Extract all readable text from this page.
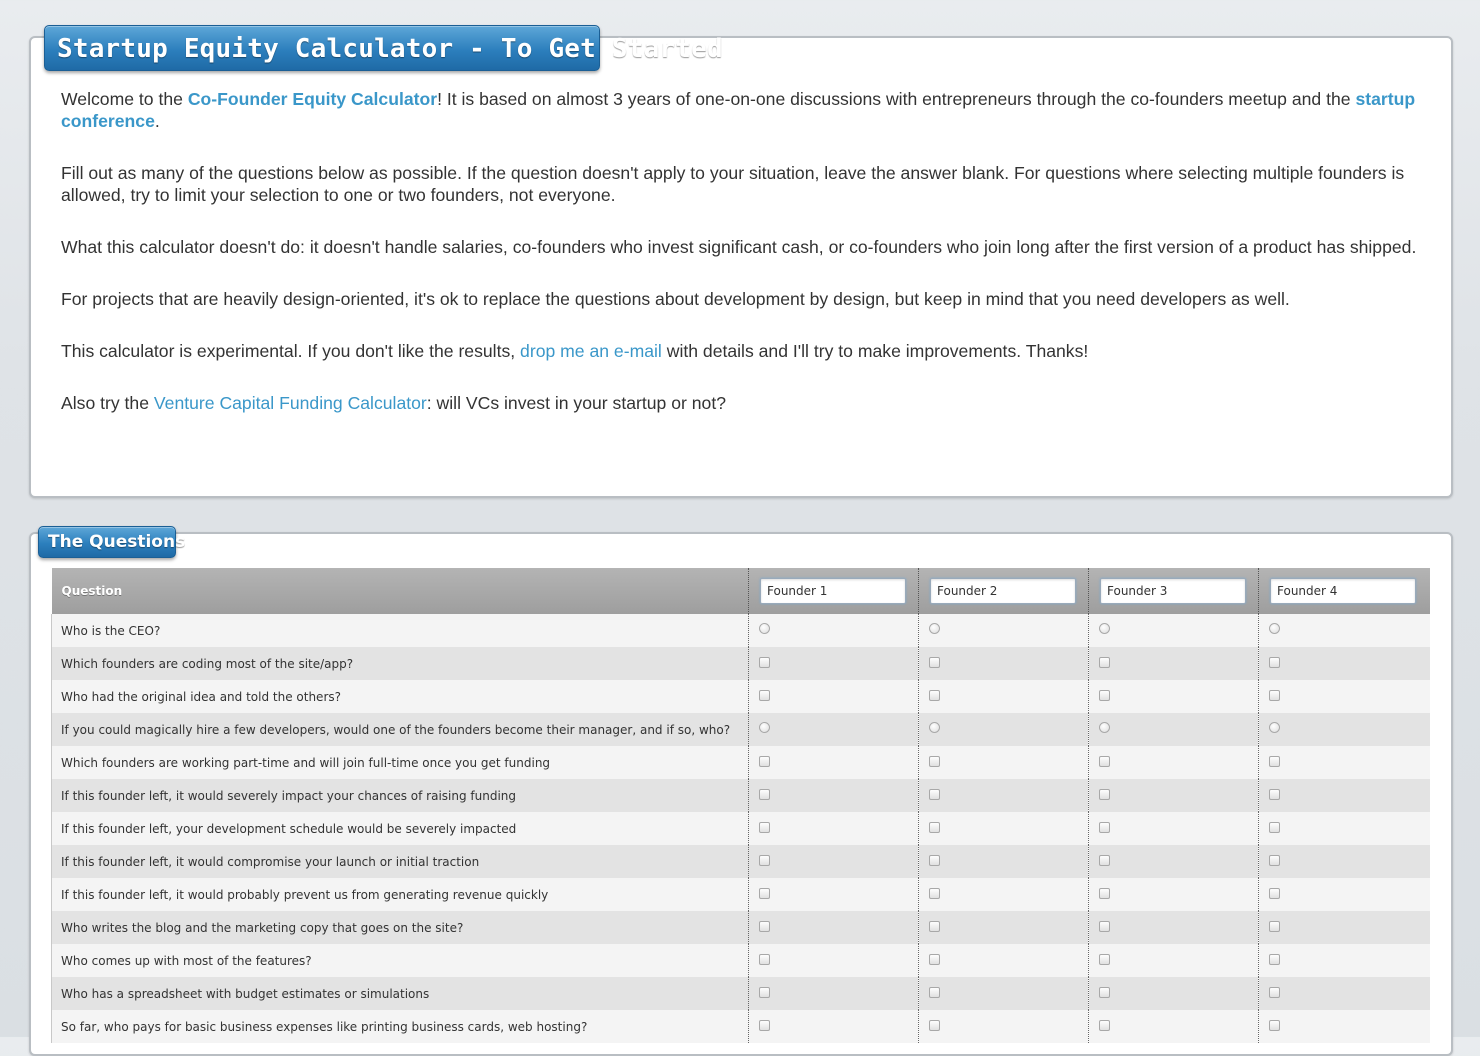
Welcome to the Co-Founder Equity Calculator! It is based on almost 3 years of one-on-one discussions with entrepreneurs through the co-founders meetup and the startup conference.

Fill out as many of the questions below as possible. If the question doesn't apply to your situation, leave the answer blank. For questions where selecting multiple founders is allowed, try to limit your selection to one or two founders, not everyone.

What this calculator doesn't do: it doesn't handle salaries, co-founders who invest significant cash, or co-founders who join long after the first version of a product has shipped.

For projects that are heavily design-oriented, it's ok to replace the questions about development by design, but keep in mind that you need developers as well.

This calculator is experimental. If you don't like the results, drop me an e-mail with details and I'll try to make improvements. Thanks!

Also try the Venture Capital Funding Calculator: will VCs invest in your startup or not?

Startup Equity Calculator - To Get Started
The Questions
Question	Founder 1	Founder 2	Founder 3	Founder 4
Who is the CEO?	

Which founders are coding most of the site/app?	

Who had the original idea and told the others?	

If you could magically hire a few developers, would one of the founders become their manager, and if so, who?	

Which founders are working part-time and will join full-time once you get funding	

If this founder left, it would severely impact your chances of raising funding	

If this founder left, your development schedule would be severely impacted	

If this founder left, it would compromise your launch or initial traction	

If this founder left, it would probably prevent us from generating revenue quickly	

Who writes the blog and the marketing copy that goes on the site?	

Who comes up with most of the features?	

Who has a spreadsheet with budget estimates or simulations	

So far, who pays for basic business expenses like printing business cards, web hosting?	
